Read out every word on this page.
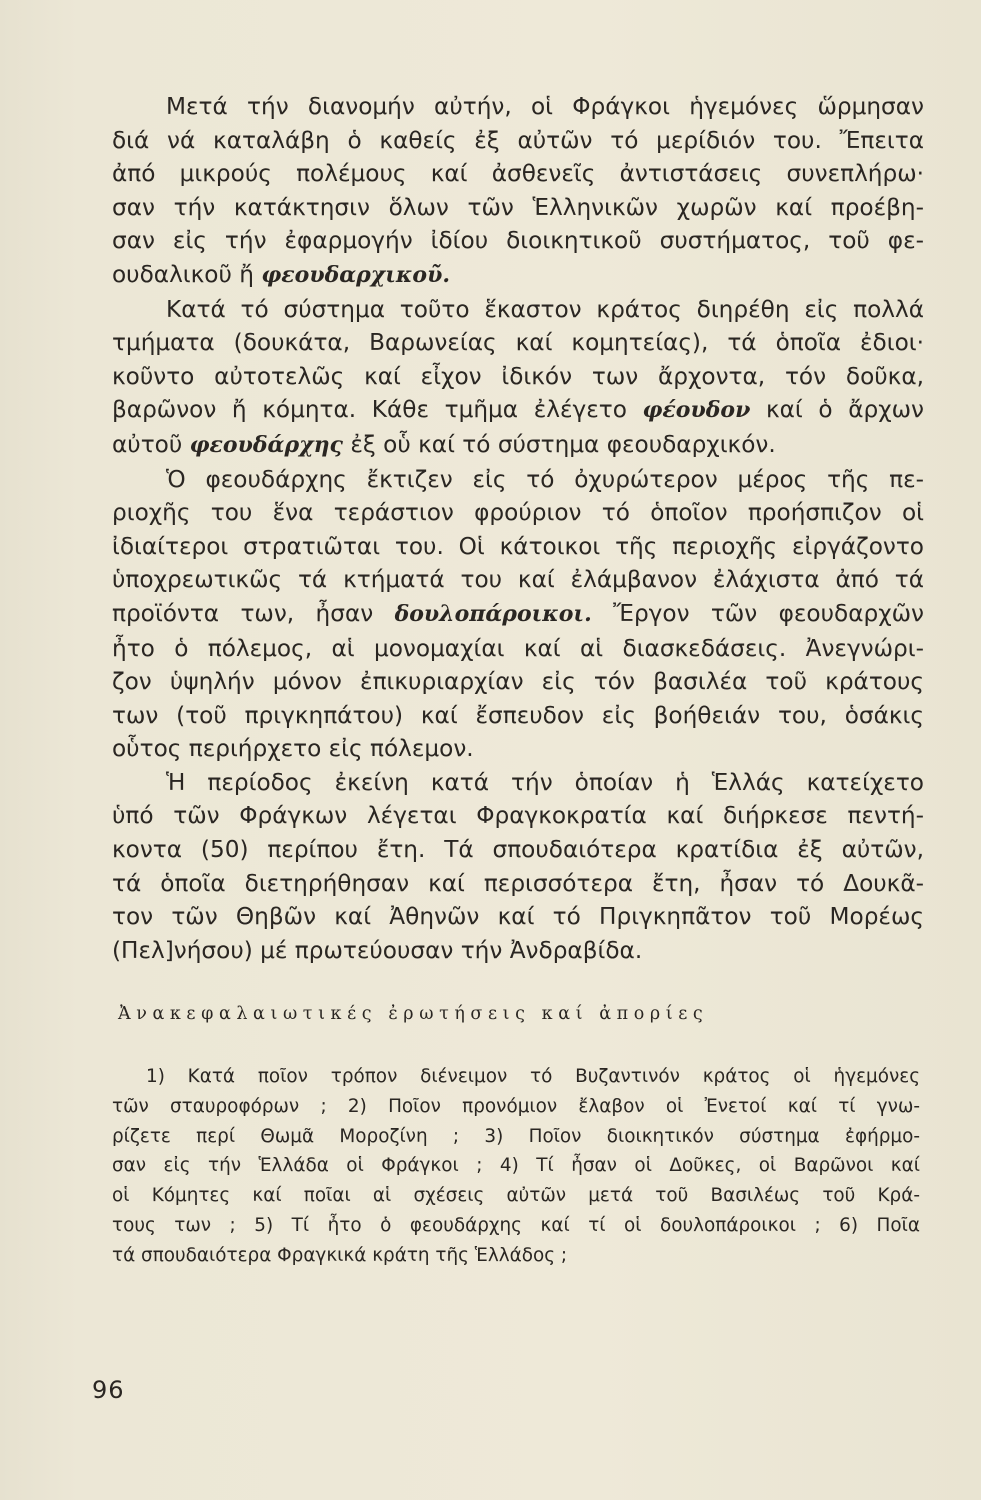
Μετά τήν διανομήν αὐτήν, οἱ Φράγκοι ἡγεμόνες ὥρμησαν
διά νά καταλάβη ὁ καθείς ἐξ αὐτῶν τό μερίδιόν του. Ἔπειτα
ἀπό μικρούς πολέμους καί ἀσθενεῖς ἀντιστάσεις συνεπλήρω·
σαν τήν κατάκτησιν ὅλων τῶν Ἑλληνικῶν χωρῶν καί προέβη-
σαν εἰς τήν ἐφαρμογήν ἰδίου διοικητικοῦ συστήματος, τοῦ φε-
ουδαλικοῦ ἤ φεουδαρχικοῦ.
Κατά τό σύστημα τοῦτο ἕκαστον κράτος διηρέθη εἰς πολλά
τμήματα (δουκάτα, Βαρωνείας καί κομητείας), τά ὁποῖα ἐδιοι·
κοῦντο αὐτοτελῶς καί εἶχον ἰδικόν των ἄρχοντα, τόν δοῦκα,
βαρῶνον ἤ κόμητα. Κάθε τμῆμα ἐλέγετο φέουδον καί ὁ ἄρχων
αὐτοῦ φεουδάρχης ἐξ οὗ καί τό σύστημα φεουδαρχικόν.
Ὁ φεουδάρχης ἔκτιζεν εἰς τό ὀχυρώτερον μέρος τῆς πε-
ριοχῆς του ἕνα τεράστιον φρούριον τό ὁποῖον προήσπιζον οἱ
ἰδιαίτεροι στρατιῶται του. Οἱ κάτοικοι τῆς περιοχῆς εἰργάζοντο
ὑποχρεωτικῶς τά κτήματά του καί ἐλάμβανον ἐλάχιστα ἀπό τά
προϊόντα των, ἦσαν δουλοπάροικοι. Ἔργον τῶν φεουδαρχῶν
ἦτο ὁ πόλεμος, αἱ μονομαχίαι καί αἱ διασκεδάσεις. Ἀνεγνώρι-
ζον ὑψηλήν μόνον ἐπικυριαρχίαν εἰς τόν βασιλέα τοῦ κράτους
των (τοῦ πριγκηπάτου) καί ἔσπευδον εἰς βοήθειάν του, ὁσάκις
οὗτος περιήρχετο εἰς πόλεμον.
Ἡ περίοδος ἐκείνη κατά τήν ὁποίαν ἡ Ἑλλάς κατείχετο
ὑπό τῶν Φράγκων λέγεται Φραγκοκρατία καί διήρκεσε πεντή-
κοντα (50) περίπου ἔτη. Τά σπουδαιότερα κρατίδια ἐξ αὐτῶν,
τά ὁποῖα διετηρήθησαν καί περισσότερα ἔτη, ἦσαν τό Δουκᾶ-
τον τῶν Θηβῶν καί Ἀθηνῶν καί τό Πριγκηπᾶτον τοῦ Μορέως
(Πελ]νήσου) μέ πρωτεύουσαν τήν Ἀνδραβίδα.
Ἀνακεφαλαιωτικές ἐρωτήσεις καί ἀπορίες
1) Κατά ποῖον τρόπον διένειμον τό Βυζαντινόν κράτος οἱ ἡγεμόνες
τῶν σταυροφόρων ; 2) Ποῖον προνόμιον ἔλαβον οἱ Ἐνετοί καί τί γνω-
ρίζετε περί Θωμᾶ Μοροζίνη ; 3) Ποῖον διοικητικόν σύστημα ἐφήρμο-
σαν εἰς τήν Ἑλλάδα οἱ Φράγκοι ; 4) Τί ἦσαν οἱ Δοῦκες, οἱ Βαρῶνοι καί
οἱ Κόμητες καί ποῖαι αἱ σχέσεις αὐτῶν μετά τοῦ Βασιλέως τοῦ Κρά-
τους των ; 5) Τί ἦτο ὁ φεουδάρχης καί τί οἱ δουλοπάροικοι ; 6) Ποῖα
τά σπουδαιότερα Φραγκικά κράτη τῆς Ἑλλάδος ;
96
